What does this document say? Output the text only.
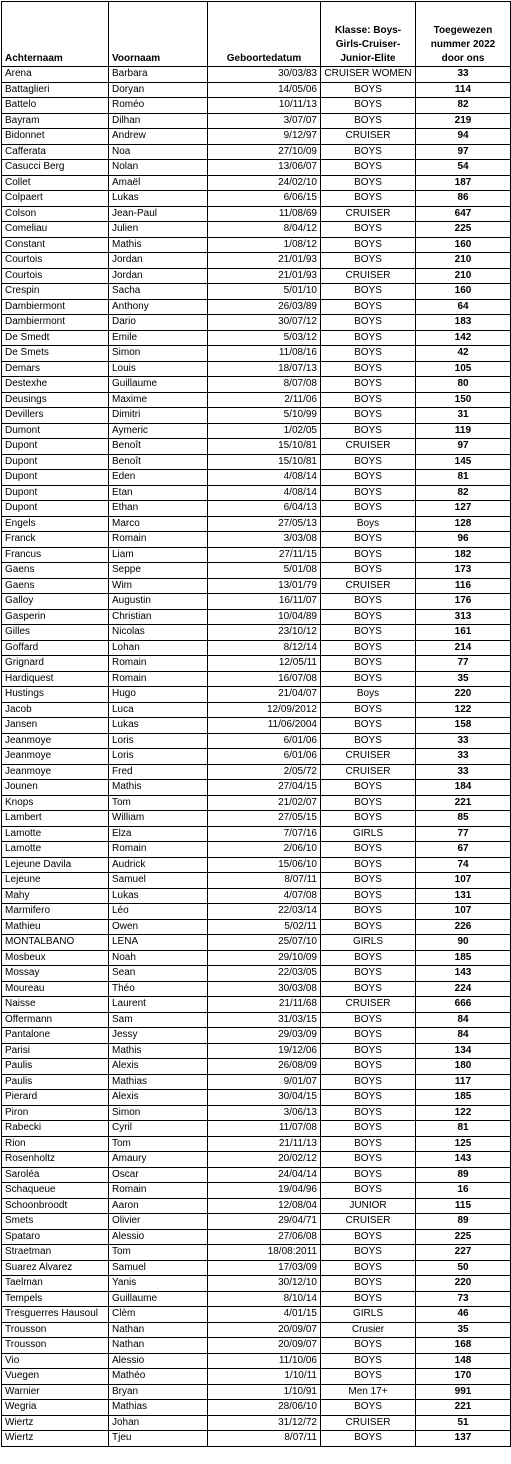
Achternaam	Voornaam	Geboortedatum	Klasse: Boys-Girls-Cruiser- Junior-Elite	Toegewezen nummer 2022 door ons
Arena	Barbara	30/03/83	CRUISER WOMEN	33
Battaglieri	Doryan	14/05/06	BOYS	114
Battelo	Roméo	10/11/13	BOYS	82
Bayram	Dilhan	3/07/07	BOYS	219
Bidonnet	Andrew	9/12/97	CRUISER	94
Cafferata	Noa	27/10/09	BOYS	97
Casucci Berg	Nolan	13/06/07	BOYS	54
Collet	Amaël	24/02/10	BOYS	187
Colpaert	Lukas	6/06/15	BOYS	86
Colson	Jean-Paul	11/08/69	CRUISER	647
Comeliau	Julien	8/04/12	BOYS	225
Constant	Mathis	1/08/12	BOYS	160
Courtois	Jordan	21/01/93	BOYS	210
Courtois	Jordan	21/01/93	CRUISER	210
Crespin	Sacha	5/01/10	BOYS	160
Dambiermont	Anthony	26/03/89	BOYS	64
Dambiermont	Dario	30/07/12	BOYS	183
De Smedt	Emile	5/03/12	BOYS	142
De Smets	Simon	11/08/16	BOYS	42
Demars	Louis	18/07/13	BOYS	105
Destexhe	Guillaume	8/07/08	BOYS	80
Deusings	Maxime	2/11/06	BOYS	150
Devillers	Dimitri	5/10/99	BOYS	31
Dumont	Aymeric	1/02/05	BOYS	119
Dupont	Benoît	15/10/81	CRUISER	97
Dupont	Benoît	15/10/81	BOYS	145
Dupont	Eden	4/08/14	BOYS	81
Dupont	Etan	4/08/14	BOYS	82
Dupont	Ethan	6/04/13	BOYS	127
Engels	Marco	27/05/13	Boys	128
Franck	Romain	3/03/08	BOYS	96
Francus	Liam	27/11/15	BOYS	182
Gaens	Seppe	5/01/08	BOYS	173
Gaens	Wim	13/01/79	CRUISER	116
Galloy	Augustin	16/11/07	BOYS	176
Gasperin	Christian	10/04/89	BOYS	313
Gilles	Nicolas	23/10/12	BOYS	161
Goffard	Lohan	8/12/14	BOYS	214
Grignard	Romain	12/05/11	BOYS	77
Hardiquest	Romain	16/07/08	BOYS	35
Hustings	Hugo	21/04/07	Boys	220
Jacob	Luca	12/09/2012	BOYS	122
Jansen	Lukas	11/06/2004	BOYS	158
Jeanmoye	Loris	6/01/06	BOYS	33
Jeanmoye	Loris	6/01/06	CRUISER	33
Jeanmoye	Fred	2/05/72	CRUISER	33
Jounen	Mathis	27/04/15	BOYS	184
Knops	Tom	21/02/07	BOYS	221
Lambert	William	27/05/15	BOYS	85
Lamotte	Elza	7/07/16	GIRLS	77
Lamotte	Romain	2/06/10	BOYS	67
Lejeune Davila	Audrick	15/06/10	BOYS	74
Lejeune	Samuel	8/07/11	BOYS	107
Mahy	Lukas	4/07/08	BOYS	131
Marmifero	Léo	22/03/14	BOYS	107
Mathieu	Owen	5/02/11	BOYS	226
MONTALBANO	LENA	25/07/10	GIRLS	90
Mosbeux	Noah	29/10/09	BOYS	185
Mossay	Sean	22/03/05	BOYS	143
Moureau	Théo	30/03/08	BOYS	224
Naisse	Laurent	21/11/68	CRUISER	666
Offermann	Sam	31/03/15	BOYS	84
Pantalone	Jessy	29/03/09	BOYS	84
Parisi	Mathis	19/12/06	BOYS	134
Paulis	Alexis	26/08/09	BOYS	180
Paulis	Mathias	9/01/07	BOYS	117
Pierard	Alexis	30/04/15	BOYS	185
Piron	Simon	3/06/13	BOYS	122
Rabecki	Cyril	11/07/08	BOYS	81
Rion	Tom	21/11/13	BOYS	125
Rosenholtz	Amaury	20/02/12	BOYS	143
Saroléa	Oscar	24/04/14	BOYS	89
Schaqueue	Romain	19/04/96	BOYS	16
Schoonbroodt	Aaron	12/08/04	JUNIOR	115
Smets	Olivier	29/04/71	CRUISER	89
Spataro	Alessio	27/06/08	BOYS	225
Straetman	Tom	18/08:2011	BOYS	227
Suarez Alvarez	Samuel	17/03/09	BOYS	50
Taelman	Yanis	30/12/10	BOYS	220
Tempels	Guillaume	8/10/14	BOYS	73
Tresguerres Hausoul	Clèm	4/01/15	GIRLS	46
Trousson	Nathan	20/09/07	Crusier	35
Trousson	Nathan	20/09/07	BOYS	168
Vio	Alessio	11/10/06	BOYS	148
Vuegen	Mathéo	1/10/11	BOYS	170
Warnier	Bryan	1/10/91	Men 17+	991
Wegria	Mathias	28/06/10	BOYS	221
Wiertz	Johan	31/12/72	CRUISER	51
Wiertz	Tjeu	8/07/11	BOYS	137
